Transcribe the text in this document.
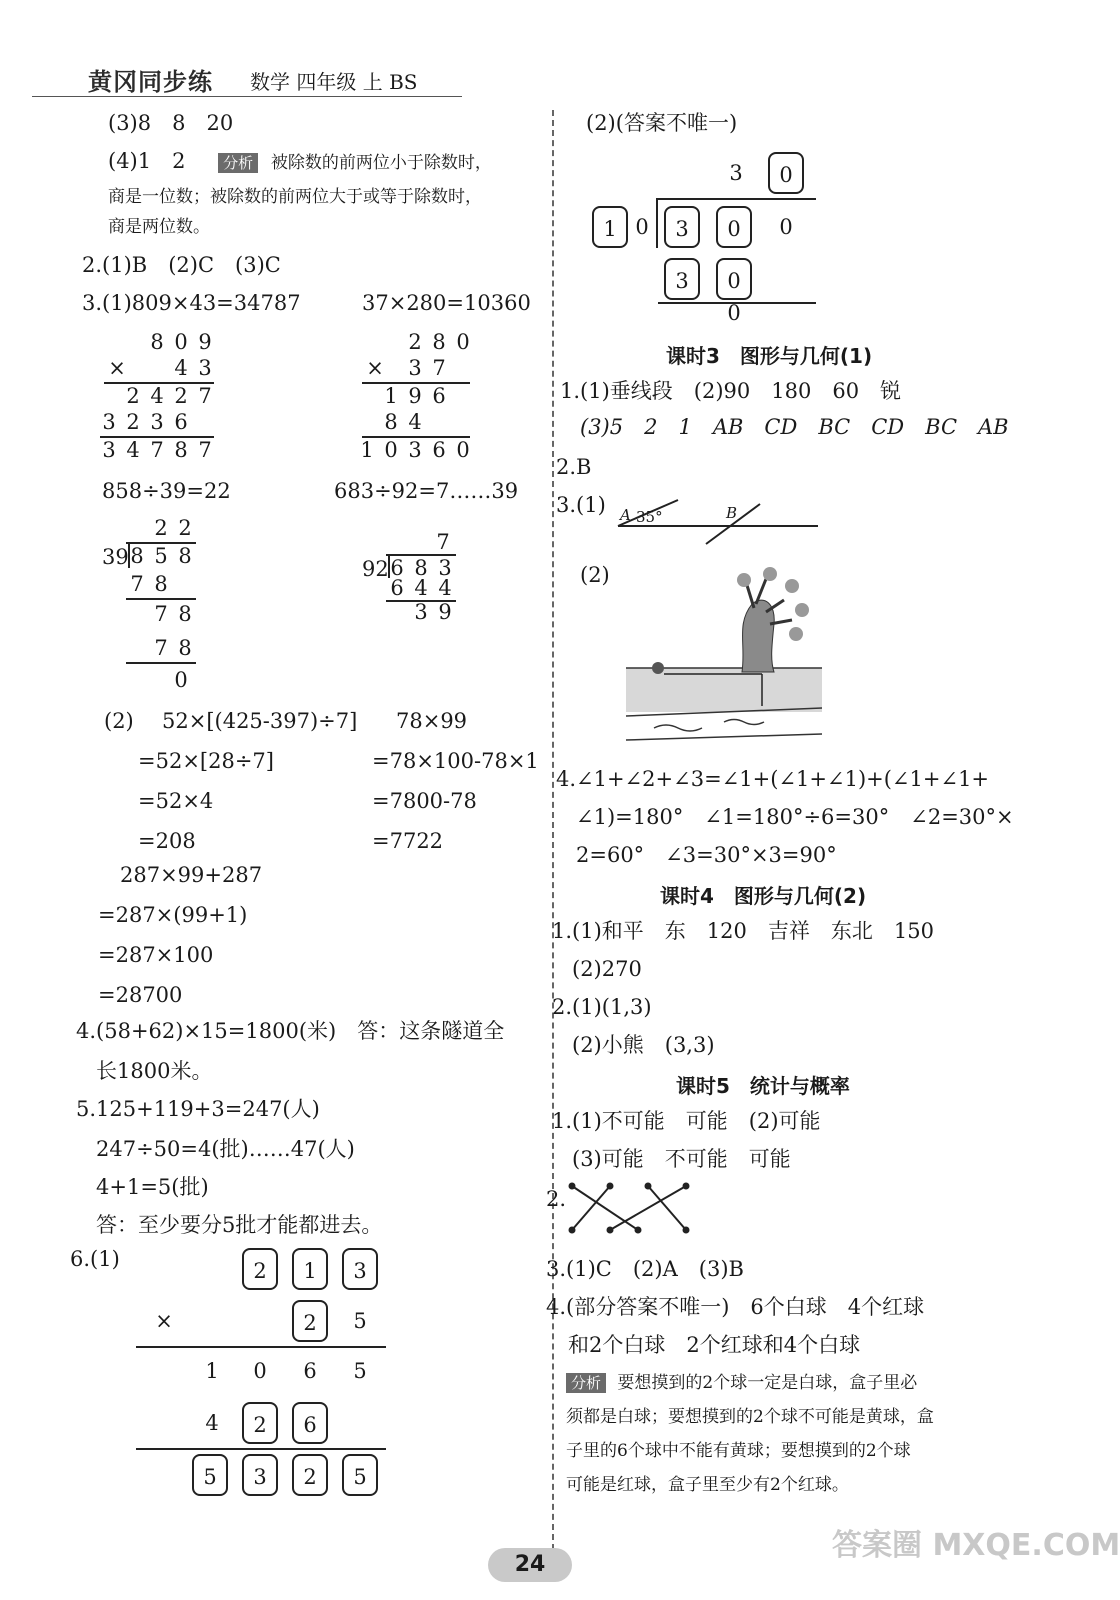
黄冈同步练 数学 四年级 上 BS
(3)8　8　20
(4)1　2	分析 被除数的前两位小于除数时，
商是一位数；被除数的前两位大于或等于除数时，
商是两位数。
2.(1)B　(2)C　(3)C
3.(1)809×43=34787	37×280=10360
8 0 9
×	4 3
2 4 2 7
3 2 3 6
3 4 7 8 7
2 8 0
×	3 7
1 9 6
8 4
1 0 3 6 0
858÷39=22	683÷92=7……39
2 2
39 8 5 8
7 8
7 8
7 8
0
7
92 6 8 3
6 4 4
3 9
(2) 52×[(425-397)÷7]
=52×[28÷7]
=52×4
=208
78×99
=78×100-78×1
=7800-78
=7722
287×99+287
=287×(99+1)
=287×100
=28700
4.(58+62)×15=1800(米)　答：这条隧道全
长1800米。
5.125+119+3=247(人)
247÷50=4(批)……47(人)
4+1=5(批)
答：至少要分5批才能都进去。
6.(1)	2	1	3
×	2	5
1	0	6	5
4	2	6
5	3	2	5
(2)(答案不唯一)
3	0
1 0	3	0	0
3	0
0
课时3　图形与几何(1)
1.(1)垂线段　(2)90　180　60　锐
(3)5　2　1　AB　CD　BC　CD　BC　AB
2.B
3.(1) A 35°	B
(2)
4.∠1+∠2+∠3=∠1+(∠1+∠1)+(∠1+∠1+
∠1)=180°　∠1=180°÷6=30°　∠2=30°×
2=60°　∠3=30°×3=90°
课时4　图形与几何(2)
1.(1)和平　东　120　吉祥　东北　150
(2)270
2.(1)(1,3)
(2)小熊　(3,3)
课时5　统计与概率
1.(1)不可能　可能　(2)可能
(3)可能　不可能　可能
2.
3.(1)C　(2)A　(3)B
4.(部分答案不唯一)　6个白球　4个红球
和2个白球　2个红球和4个白球
分析 要想摸到的2个球一定是白球，盒子里必
须都是白球；要想摸到的2个球不可能是黄球，盒
子里的6个球中不能有黄球；要想摸到的2个球
可能是红球，盒子里至少有2个红球。
答案圈 MXQE.COM
24
